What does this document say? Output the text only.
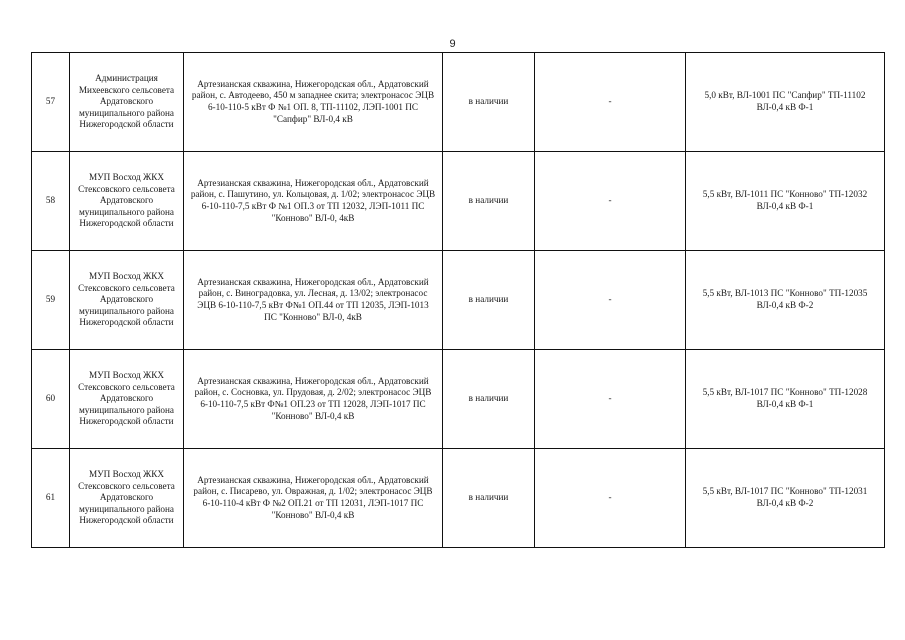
9
57	Администрация Михеевского сельсовета Ардатовского муниципального района Нижегородской области	Артезианская скважина, Нижегородская обл., Ардатовский район, с. Автодеево, 450 м западнее скита; электронасос ЭЦВ 6-10-110-5 кВт Ф №1 ОП. 8, ТП-11102, ЛЭП-1001 ПС "Сапфир" ВЛ-0,4 кВ	в наличии	-	5,0 кВт, ВЛ-1001 ПС "Сапфир" ТП-11102 ВЛ-0,4 кВ Ф-1
58	МУП Восход ЖКХ Стексовского сельсовета Ардатовского муниципального района Нижегородской области	Артезианская скважина, Нижегородская обл., Ардатовский район, с. Пашутино, ул. Кольцовая, д. 1/02; электронасос ЭЦВ 6-10-110-7,5 кВт Ф №1 ОП.3 от ТП 12032, ЛЭП-1011 ПС "Конново" ВЛ-0, 4кВ	в наличии	-	5,5 кВт, ВЛ-1011 ПС "Конново" ТП-12032 ВЛ-0,4 кВ Ф-1
59	МУП Восход ЖКХ Стексовского сельсовета Ардатовского муниципального района Нижегородской области	Артезианская скважина, Нижегородская обл., Ардатовский район, с. Виноградовка, ул. Лесная, д. 13/02; электронасос ЭЦВ 6-10-110-7,5 кВт Ф№1 ОП.44 от ТП 12035, ЛЭП-1013 ПС "Конново" ВЛ-0, 4кВ	в наличии	-	5,5 кВт, ВЛ-1013 ПС "Конново" ТП-12035 ВЛ-0,4 кВ Ф-2
60	МУП Восход ЖКХ Стексовского сельсовета Ардатовского муниципального района Нижегородской области	Артезианская скважина, Нижегородская обл., Ардатовский район, с. Сосновка, ул. Прудовая, д. 2/02; электронасос ЭЦВ 6-10-110-7,5 кВт Ф№1 ОП.23 от ТП 12028, ЛЭП-1017 ПС "Конново" ВЛ-0,4 кВ	в наличии	-	5,5 кВт, ВЛ-1017 ПС "Конново" ТП-12028 ВЛ-0,4 кВ Ф-1
61	МУП Восход ЖКХ Стексовского сельсовета Ардатовского муниципального района Нижегородской области	Артезианская скважина, Нижегородская обл., Ардатовский район, с. Писарево, ул. Овражная, д. 1/02; электронасос ЭЦВ 6-10-110-4 кВт Ф №2 ОП.21 от ТП 12031, ЛЭП-1017 ПС "Конново" ВЛ-0,4 кВ	в наличии	-	5,5 кВт, ВЛ-1017 ПС "Конново" ТП-12031 ВЛ-0,4 кВ Ф-2
